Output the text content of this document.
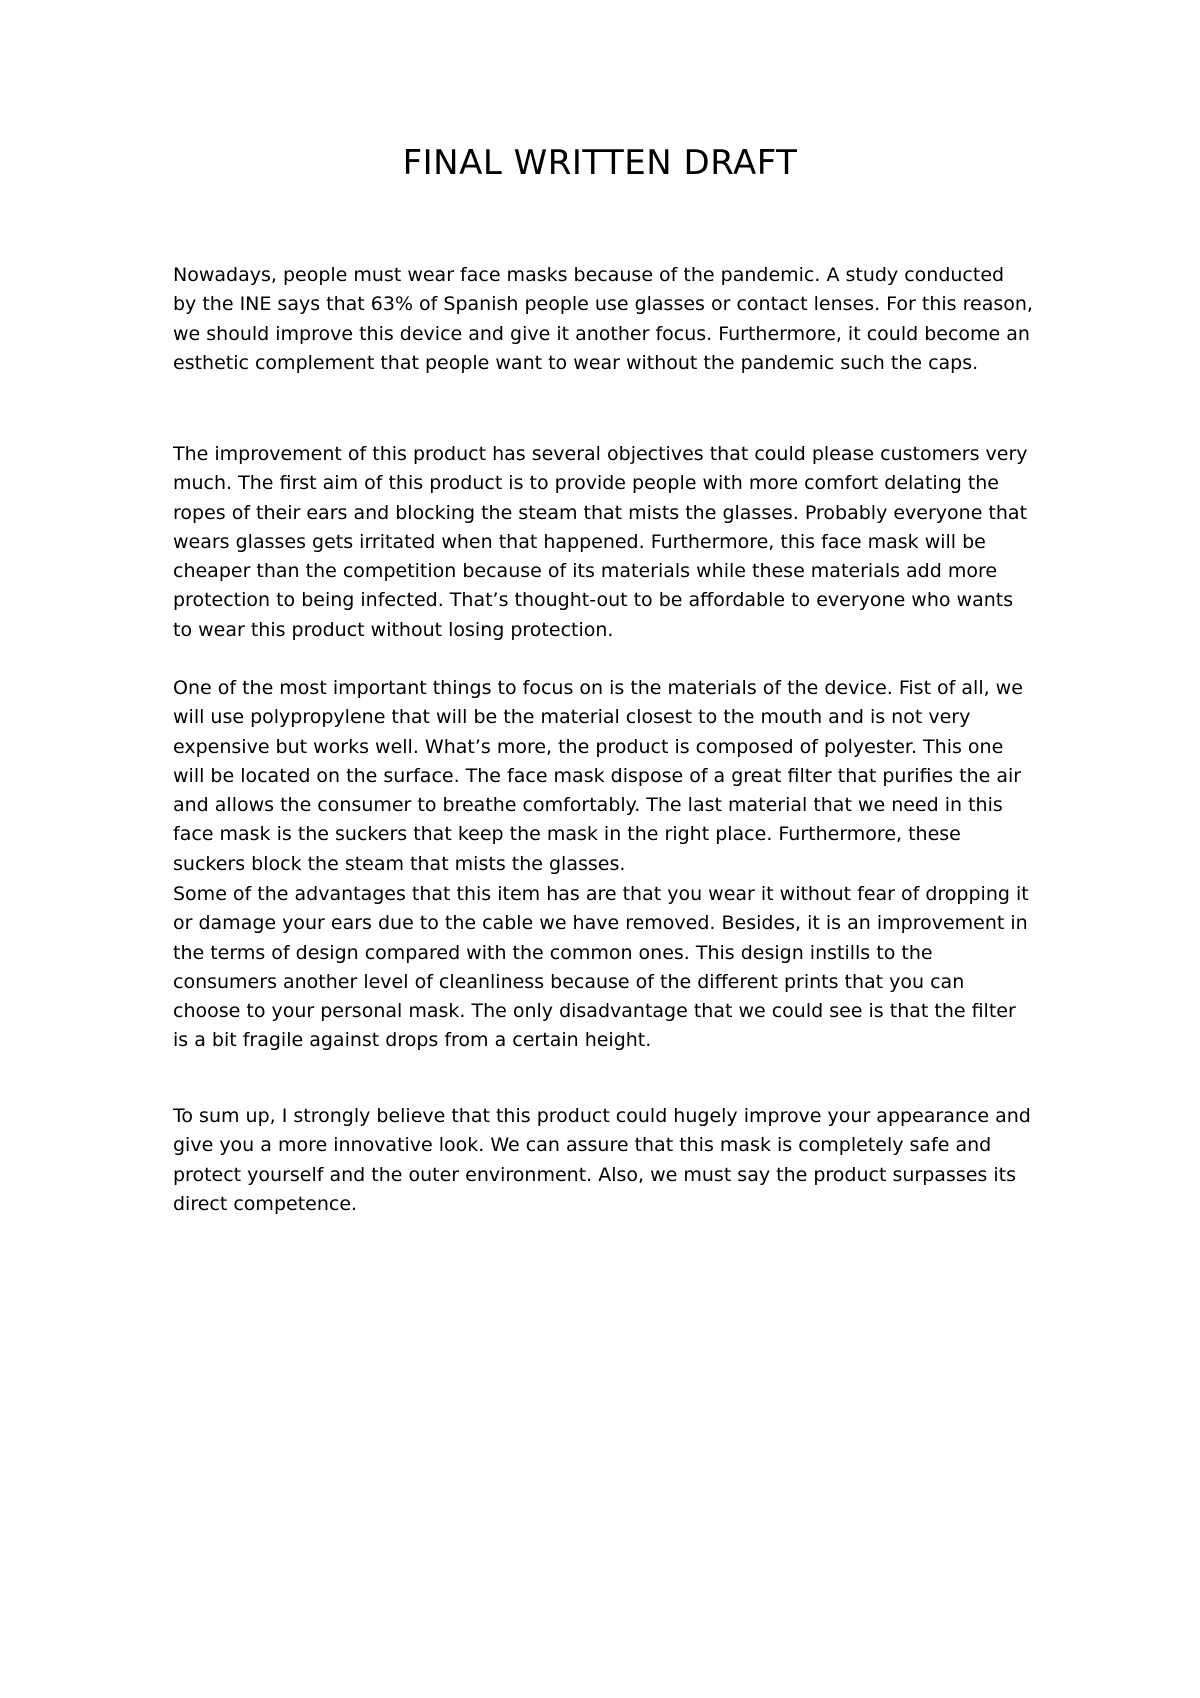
FINAL WRITTEN DRAFT

Nowadays, people must wear face masks because of the pandemic. A study conducted by the INE says that 63% of Spanish people use glasses or contact lenses. For this reason, we should improve this device and give it another focus. Furthermore, it could become an esthetic complement that people want to wear without the pandemic such the caps.

The improvement of this product has several objectives that could please customers very much. The first aim of this product is to provide people with more comfort delating the ropes of their ears and blocking the steam that mists the glasses. Probably everyone that wears glasses gets irritated when that happened. Furthermore, this face mask will be cheaper than the competition because of its materials while these materials add more protection to being infected. That’s thought-out to be affordable to everyone who wants to wear this product without losing protection.

One of the most important things to focus on is the materials of the device. Fist of all, we will use polypropylene that will be the material closest to the mouth and is not very expensive but works well. What’s more, the product is composed of polyester. This one will be located on the surface. The face mask dispose of a great filter that purifies the air and allows the consumer to breathe comfortably. The last material that we need in this face mask is the suckers that keep the mask in the right place. Furthermore, these suckers block the steam that mists the glasses.

Some of the advantages that this item has are that you wear it without fear of dropping it or damage your ears due to the cable we have removed. Besides, it is an improvement in the terms of design compared with the common ones. This design instills to the consumers another level of cleanliness because of the different prints that you can choose to your personal mask. The only disadvantage that we could see is that the filter is a bit fragile against drops from a certain height.

To sum up, I strongly believe that this product could hugely improve your appearance and give you a more innovative look. We can assure that this mask is completely safe and protect yourself and the outer environment. Also, we must say the product surpasses its direct competence.
